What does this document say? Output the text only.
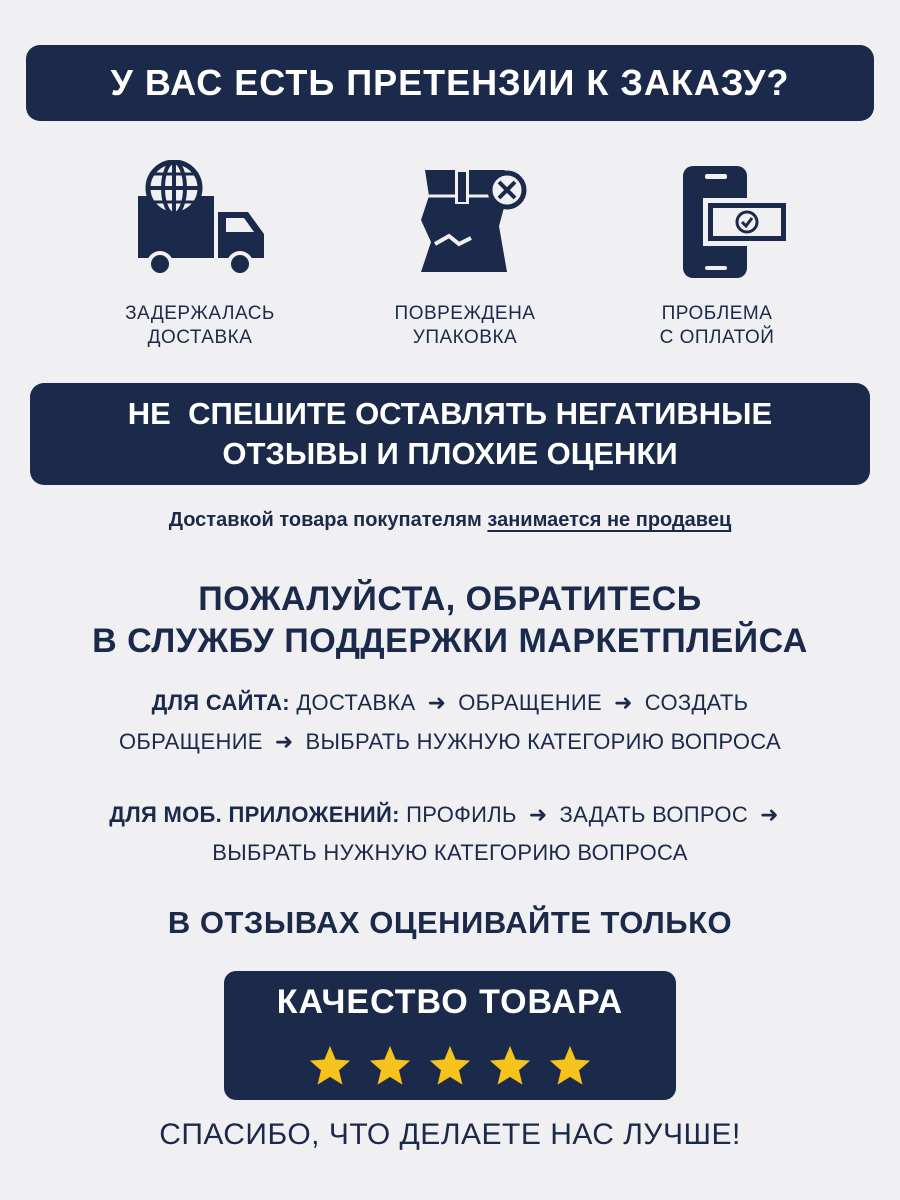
У ВАС ЕСТЬ ПРЕТЕНЗИИ К ЗАКАЗУ?
ЗАДЕРЖАЛАСЬ
ДОСТАВКА
ПОВРЕЖДЕНА
УПАКОВКА
ПРОБЛЕМА
С ОПЛАТОЙ
НЕ  СПЕШИТЕ ОСТАВЛЯТЬ НЕГАТИВНЫЕ
ОТЗЫВЫ И ПЛОХИЕ ОЦЕНКИ
Доставкой товара покупателям занимается не продавец
ПОЖАЛУЙСТА, ОБРАТИТЕСЬ
В СЛУЖБУ ПОДДЕРЖКИ МАРКЕТПЛЕЙСА
ДЛЯ САЙТА: ДОСТАВКА ➜ ОБРАЩЕНИЕ ➜ СОЗДАТЬ
ОБРАЩЕНИЕ ➜ ВЫБРАТЬ НУЖНУЮ КАТЕГОРИЮ ВОПРОСА
ДЛЯ МОБ. ПРИЛОЖЕНИЙ: ПРОФИЛЬ ➜ ЗАДАТЬ ВОПРОС ➜
ВЫБРАТЬ НУЖНУЮ КАТЕГОРИЮ ВОПРОСА
В ОТЗЫВАХ ОЦЕНИВАЙТЕ ТОЛЬКО
КАЧЕСТВО ТОВАРА
СПАСИБО, ЧТО ДЕЛАЕТЕ НАС ЛУЧШЕ!
